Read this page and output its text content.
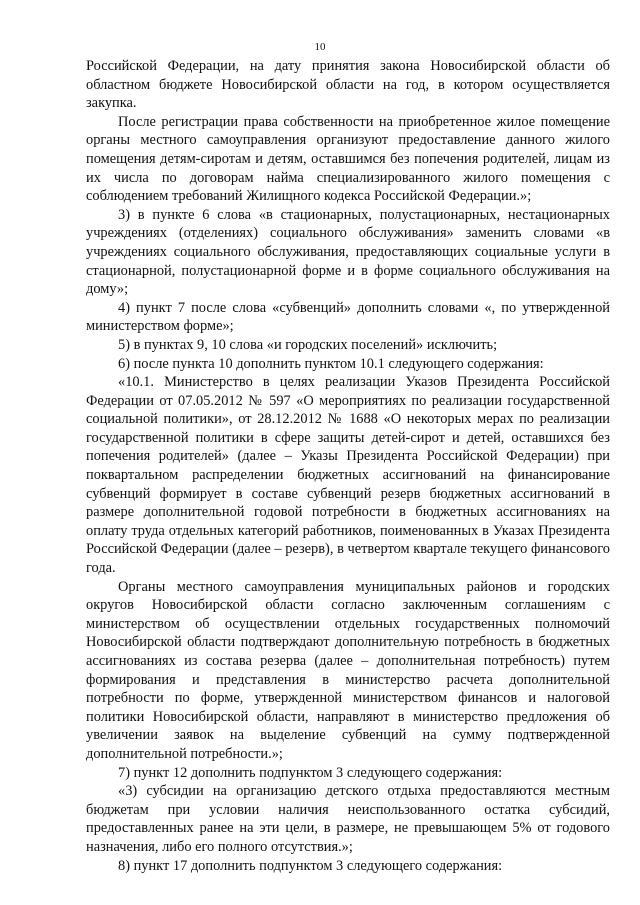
10

Российской Федерации, на дату принятия закона Новосибирской области об областном бюджете Новосибирской области на год, в котором осуществляется закупка.

После регистрации права собственности на приобретенное жилое помещение органы местного самоуправления организуют предоставление данного жилого помещения детям-сиротам и детям, оставшимся без попечения родителей, лицам из их числа по договорам найма специализированного жилого помещения с соблюдением требований Жилищного кодекса Российской Федерации.»;

3) в пункте 6 слова «в стационарных, полустационарных, нестационарных учреждениях (отделениях) социального обслуживания» заменить словами «в учреждениях социального обслуживания, предоставляющих социальные услуги в стационарной, полустационарной форме и в форме социального обслуживания на дому»;

4) пункт 7 после слова «субвенций» дополнить словами «, по утвержденной министерством форме»;

5) в пунктах 9, 10 слова «и городских поселений» исключить;

6) после пункта 10 дополнить пунктом 10.1 следующего содержания:

«10.1. Министерство в целях реализации Указов Президента Российской Федерации от 07.05.2012 № 597 «О мероприятиях по реализации государственной социальной политики», от 28.12.2012 № 1688 «О некоторых мерах по реализации государственной политики в сфере защиты детей-сирот и детей, оставшихся без попечения родителей» (далее – Указы Президента Российской Федерации) при поквартальном распределении бюджетных ассигнований на финансирование субвенций формирует в составе субвенций резерв бюджетных ассигнований в размере дополнительной годовой потребности в бюджетных ассигнованиях на оплату труда отдельных категорий работников, поименованных в Указах Президента Российской Федерации (далее – резерв), в четвертом квартале текущего финансового года.

Органы местного самоуправления муниципальных районов и городских округов Новосибирской области согласно заключенным соглашениям с министерством об осуществлении отдельных государственных полномочий Новосибирской области подтверждают дополнительную потребность в бюджетных ассигнованиях из состава резерва (далее – дополнительная потребность) путем формирования и представления в министерство расчета дополнительной потребности по форме, утвержденной министерством финансов и налоговой политики Новосибирской области, направляют в министерство предложения об увеличении заявок на выделение субвенций на сумму подтвержденной дополнительной потребности.»;

7) пункт 12 дополнить подпунктом 3 следующего содержания:

«3) субсидии на организацию детского отдыха предоставляются местным бюджетам при условии наличия неиспользованного остатка субсидий, предоставленных ранее на эти цели, в размере, не превышающем 5% от годового назначения, либо его полного отсутствия.»;

8) пункт 17 дополнить подпунктом 3 следующего содержания:
